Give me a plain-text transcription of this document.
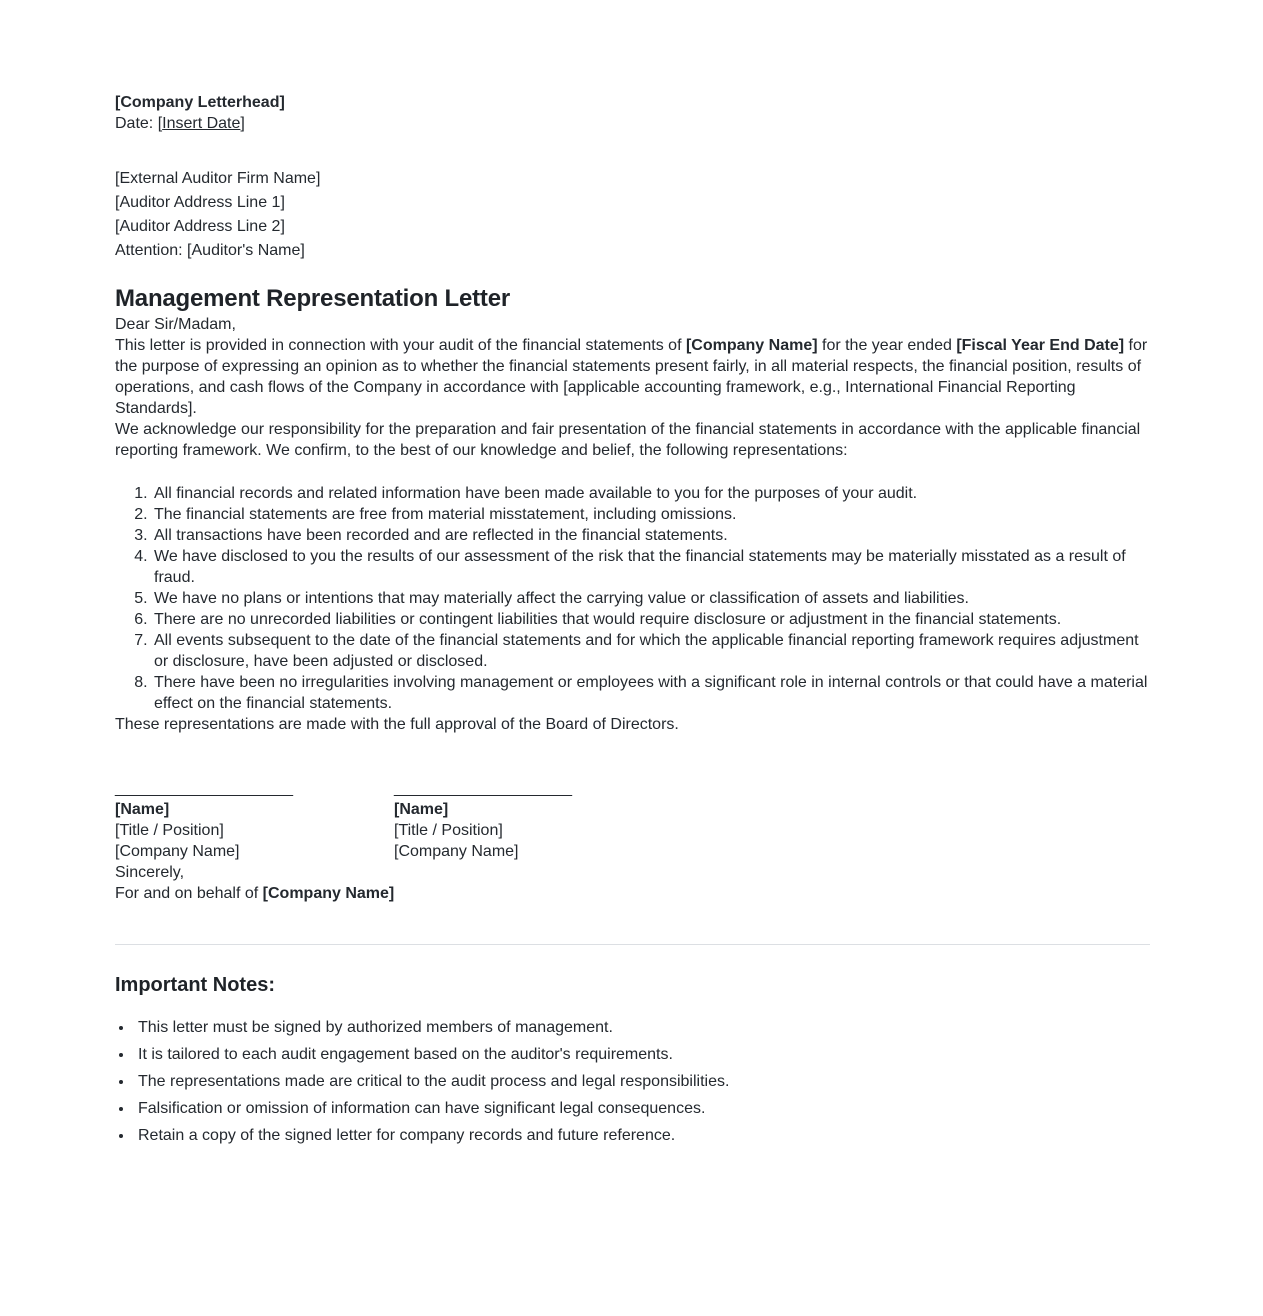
[Company Letterhead]
Date: [Insert Date]
[External Auditor Firm Name]
[Auditor Address Line 1]
[Auditor Address Line 2]
Attention: [Auditor's Name]
Management Representation Letter

Dear Sir/Madam,

This letter is provided in connection with your audit of the financial statements of [Company Name] for the year ended [Fiscal Year End Date] for the purpose of expressing an opinion as to whether the financial statements present fairly, in all material respects, the financial position, results of operations, and cash flows of the Company in accordance with [applicable accounting framework, e.g., International Financial Reporting Standards].

We acknowledge our responsibility for the preparation and fair presentation of the financial statements in accordance with the applicable financial reporting framework. We confirm, to the best of our knowledge and belief, the following representations:

1. All financial records and related information have been made available to you for the purposes of your audit.
2. The financial statements are free from material misstatement, including omissions.
3. All transactions have been recorded and are reflected in the financial statements.
4. We have disclosed to you the results of our assessment of the risk that the financial statements may be materially misstated as a result of fraud.
5. We have no plans or intentions that may materially affect the carrying value or classification of assets and liabilities.
6. There are no unrecorded liabilities or contingent liabilities that would require disclosure or adjustment in the financial statements.
7. All events subsequent to the date of the financial statements and for which the applicable financial reporting framework requires adjustment or disclosure, have been adjusted or disclosed.
8. There have been no irregularities involving management or employees with a significant role in internal controls or that could have a material effect on the financial statements.

These representations are made with the full approval of the Board of Directors.

____________________
[Name]
[Title / Position]
[Company Name]
____________________
[Name]
[Title / Position]
[Company Name]

Sincerely,

For and on behalf of [Company Name]

Important Notes:
• This letter must be signed by authorized members of management.
• It is tailored to each audit engagement based on the auditor's requirements.
• The representations made are critical to the audit process and legal responsibilities.
• Falsification or omission of information can have significant legal consequences.
• Retain a copy of the signed letter for company records and future reference.
